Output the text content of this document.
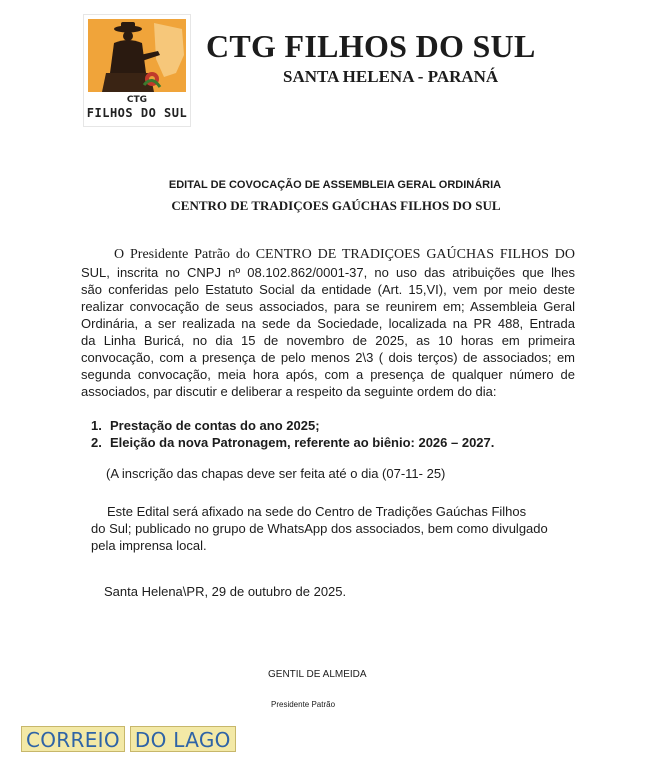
CTG
FILHOS DO SUL
CTG FILHOS DO SUL
SANTA HELENA - PARANÁ
EDITAL DE COVOCAÇÃO DE ASSEMBLEIA GERAL ORDINÁRIA
CENTRO DE TRADIÇOES GAÚCHAS FILHOS DO SUL
O Presidente Patrão do CENTRO DE TRADIÇOES GAÚCHAS FILHOS DO
SUL, inscrita no CNPJ nº 08.102.862/0001-37, no uso das atribuições que lhes
são conferidas pelo Estatuto Social da entidade (Art. 15,VI), vem por meio deste
realizar convocação de seus associados, para se reunirem em; Assembleia Geral
Ordinária, a ser realizada na sede da Sociedade, localizada na PR 488, Entrada
da Linha Buricá, no dia 15 de novembro de 2025, as 10 horas em primeira
convocação, com a presença de pelo menos 2\3 ( dois terços) de associados; em
segunda convocação, meia hora após, com a presença de qualquer número de
associados, par discutir e deliberar a respeito da seguinte ordem do dia:
1. Prestação de contas do ano 2025;
2. Eleição da nova Patronagem, referente ao biênio: 2026 – 2027.
(A inscrição das chapas deve ser feita até o dia (07-11- 25)
Este Edital será afixado na sede do Centro de Tradições Gaúchas Filhos
do Sul; publicado no grupo de WhatsApp dos associados, bem como divulgado
pela imprensa local.
Santa Helena\PR, 29 de outubro de 2025.
GENTIL DE ALMEIDA
Presidente Patrão
CORREIO DO LAGO
